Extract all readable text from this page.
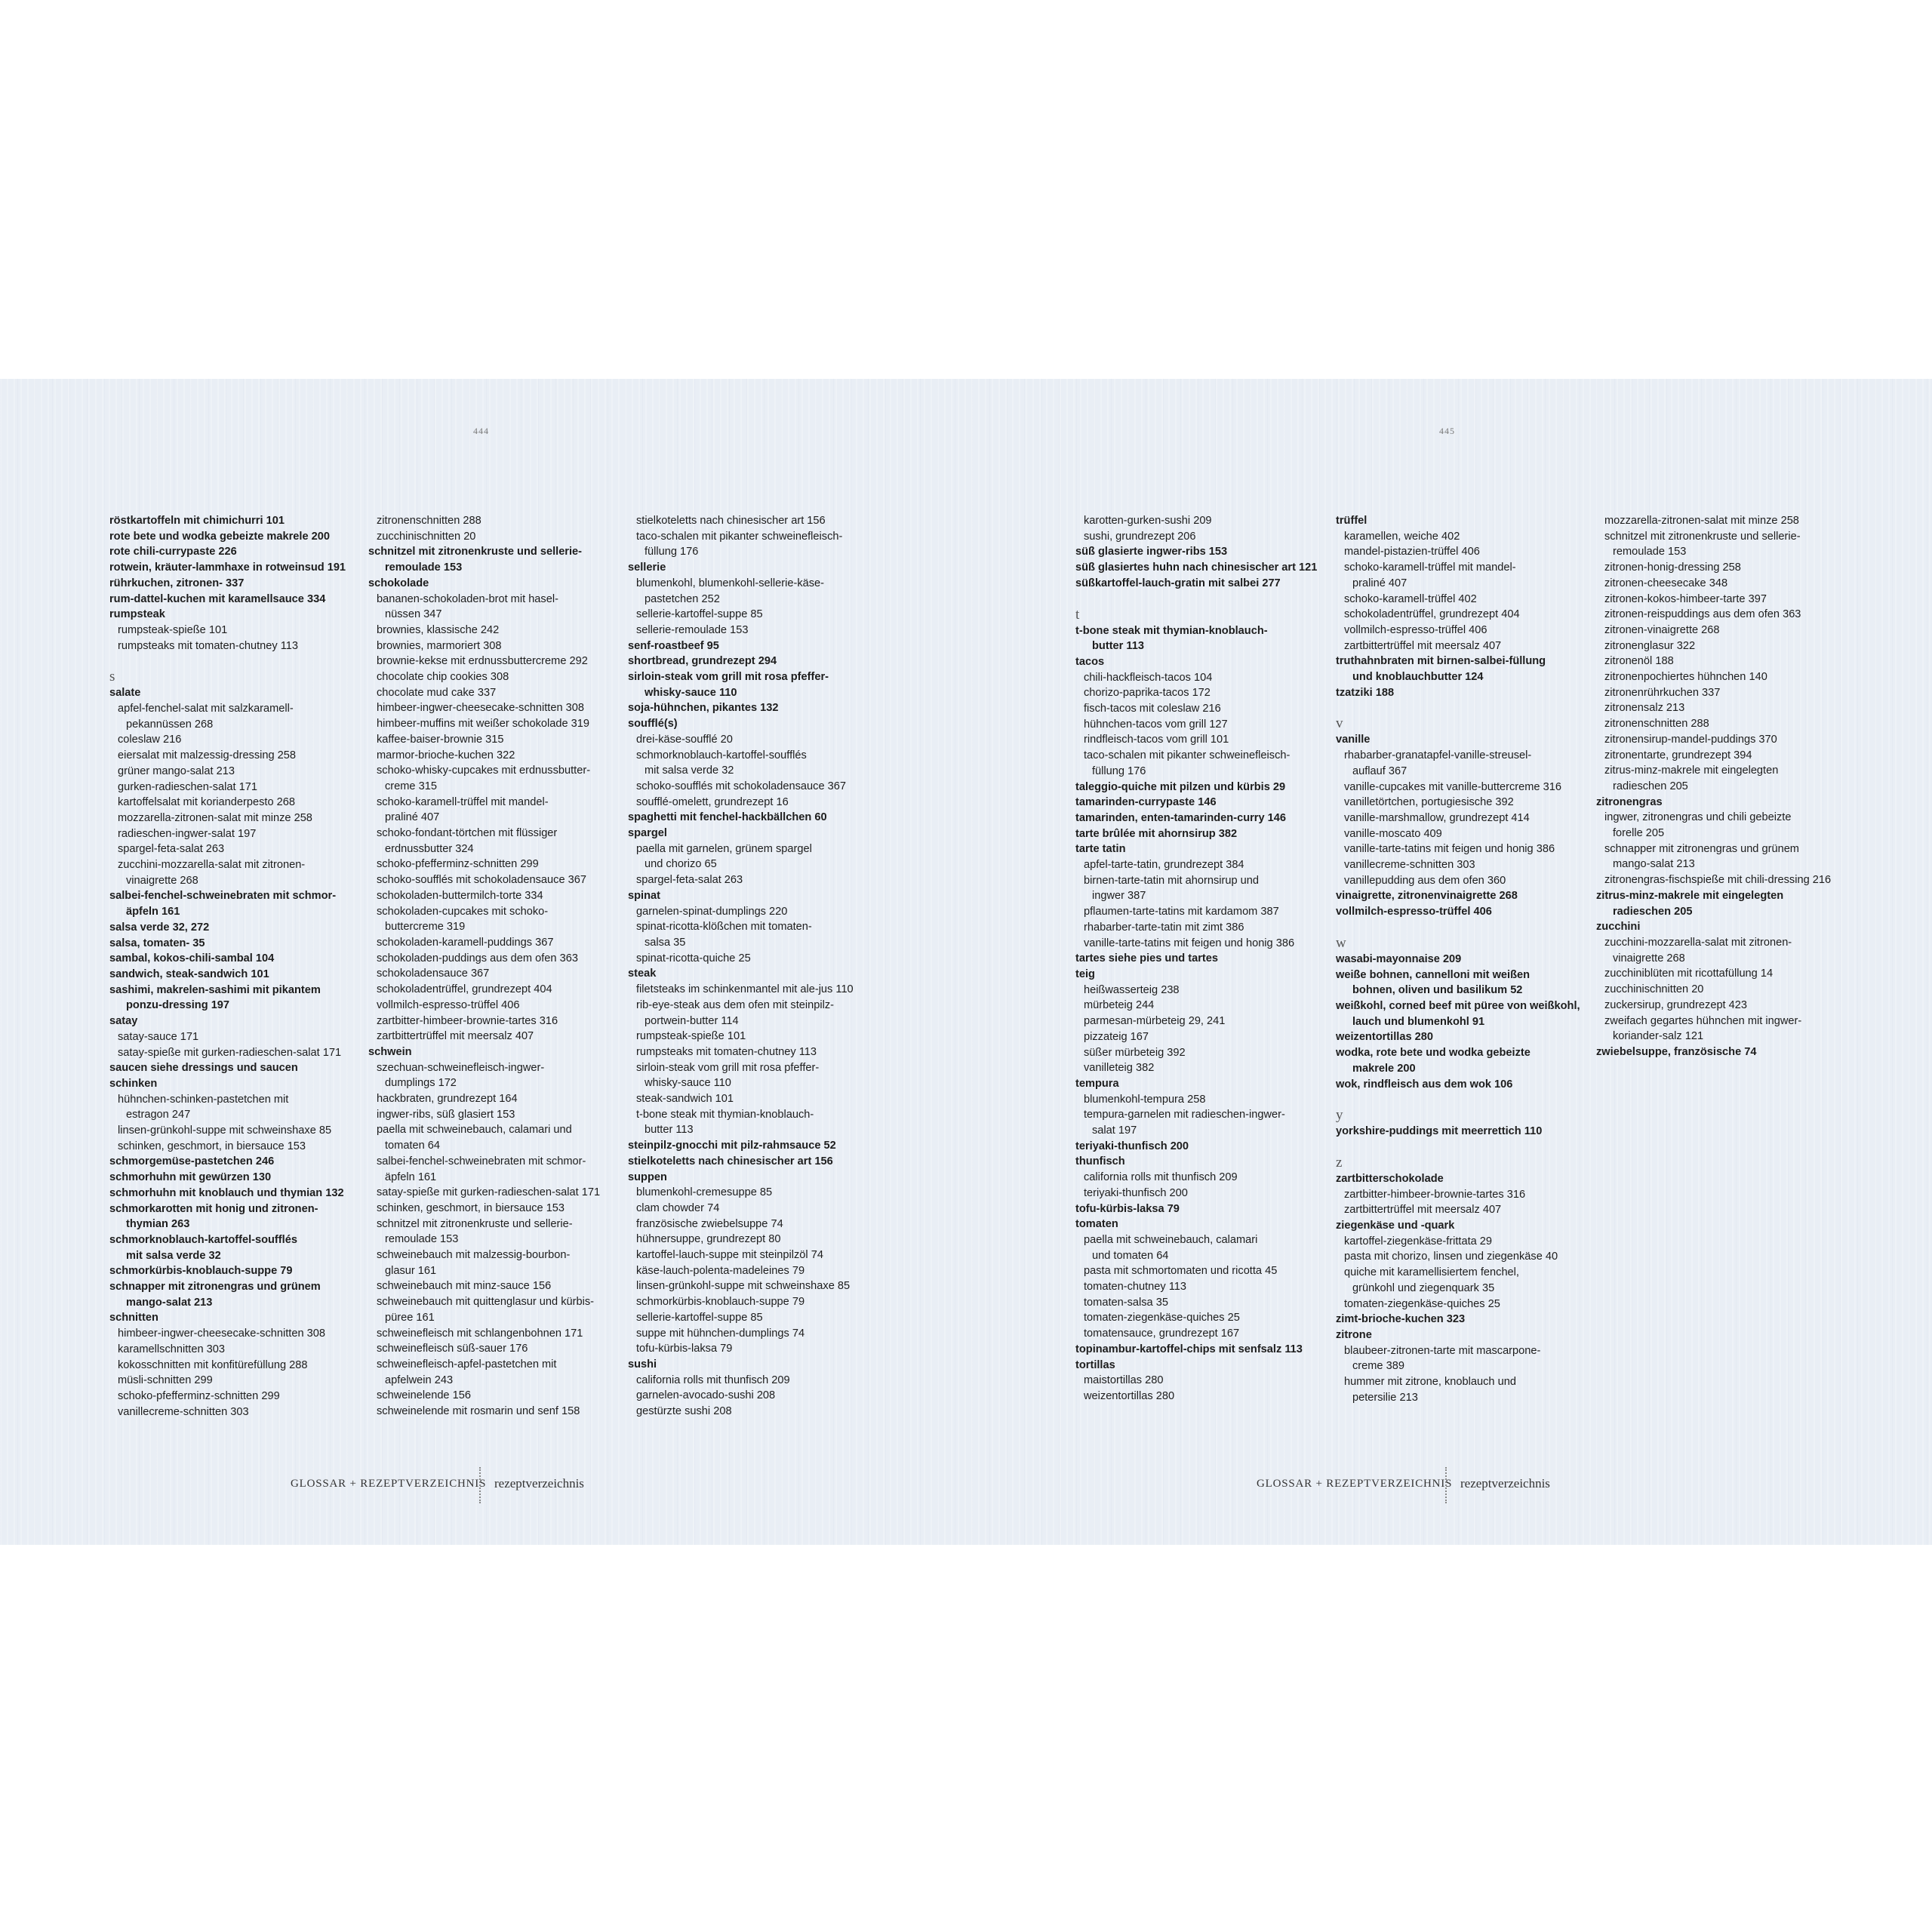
444
röstkartoffeln mit chimichurri 101
rote bete und wodka gebeizte makrele 200
rote chili-currypaste 226
rotwein, kräuter-lammhaxe in rotweinsud 191
rührkuchen, zitronen- 337
rum-dattel-kuchen mit karamellsauce 334
rumpsteak
rumpsteak-spieße 101
rumpsteaks mit tomaten-chutney 113
s
salate
apfel-fenchel-salat mit salzkaramell-
pekannüssen 268
coleslaw 216
eiersalat mit malzessig-dressing 258
grüner mango-salat 213
gurken-radieschen-salat 171
kartoffelsalat mit korianderpesto 268
mozzarella-zitronen-salat mit minze 258
radieschen-ingwer-salat 197
spargel-feta-salat 263
zucchini-mozzarella-salat mit zitronen-
vinaigrette 268
salbei-fenchel-schweinebraten mit schmor-
äpfeln 161
salsa verde 32, 272
salsa, tomaten- 35
sambal, kokos-chili-sambal 104
sandwich, steak-sandwich 101
sashimi, makrelen-sashimi mit pikantem
ponzu-dressing 197
satay
satay-sauce 171
satay-spieße mit gurken-radieschen-salat 171
saucen siehe dressings und saucen
schinken
hühnchen-schinken-pastetchen mit
estragon 247
linsen-grünkohl-suppe mit schweinshaxe 85
schinken, geschmort, in biersauce 153
schmorgemüse-pastetchen 246
schmorhuhn mit gewürzen 130
schmorhuhn mit knoblauch und thymian 132
schmorkarotten mit honig und zitronen-
thymian 263
schmorknoblauch-kartoffel-soufflés
mit salsa verde 32
schmorkürbis-knoblauch-suppe 79
schnapper mit zitronengras und grünem
mango-salat 213
schnitten
himbeer-ingwer-cheesecake-schnitten 308
karamellschnitten 303
kokosschnitten mit konfitürefüllung 288
müsli-schnitten 299
schoko-pfefferminz-schnitten 299
vanillecreme-schnitten 303
zitronenschnitten 288
zucchinischnitten 20
schnitzel mit zitronenkruste und sellerie-
remoulade 153
schokolade
bananen-schokoladen-brot mit hasel-
nüssen 347
brownies, klassische 242
brownies, marmoriert 308
brownie-kekse mit erdnussbuttercreme 292
chocolate chip cookies 308
chocolate mud cake 337
himbeer-ingwer-cheesecake-schnitten 308
himbeer-muffins mit weißer schokolade 319
kaffee-baiser-brownie 315
marmor-brioche-kuchen 322
schoko-whisky-cupcakes mit erdnussbutter-
creme 315
schoko-karamell-trüffel mit mandel-
praliné 407
schoko-fondant-törtchen mit flüssiger
erdnussbutter 324
schoko-pfefferminz-schnitten 299
schoko-soufflés mit schokoladensauce 367
schokoladen-buttermilch-torte 334
schokoladen-cupcakes mit schoko-
buttercreme 319
schokoladen-karamell-puddings 367
schokoladen-puddings aus dem ofen 363
schokoladensauce 367
schokoladentrüffel, grundrezept 404
vollmilch-espresso-trüffel 406
zartbitter-himbeer-brownie-tartes 316
zartbittertrüffel mit meersalz 407
schwein
szechuan-schweinefleisch-ingwer-
dumplings 172
hackbraten, grundrezept 164
ingwer-ribs, süß glasiert 153
paella mit schweinebauch, calamari und
tomaten 64
salbei-fenchel-schweinebraten mit schmor-
äpfeln 161
satay-spieße mit gurken-radieschen-salat 171
schinken, geschmort, in biersauce 153
schnitzel mit zitronenkruste und sellerie-
remoulade 153
schweinebauch mit malzessig-bourbon-
glasur 161
schweinebauch mit minz-sauce 156
schweinebauch mit quittenglasur und kürbis-
püree 161
schweinefleisch mit schlangenbohnen 171
schweinefleisch süß-sauer 176
schweinefleisch-apfel-pastetchen mit
apfelwein 243
schweinelende 156
schweinelende mit rosmarin und senf 158
stielkoteletts nach chinesischer art 156
taco-schalen mit pikanter schweinefleisch-
füllung 176
sellerie
blumenkohl, blumenkohl-sellerie-käse-
pastetchen 252
sellerie-kartoffel-suppe 85
sellerie-remoulade 153
senf-roastbeef 95
shortbread, grundrezept 294
sirloin-steak vom grill mit rosa pfeffer-
whisky-sauce 110
soja-hühnchen, pikantes 132
soufflé(s)
drei-käse-soufflé 20
schmorknoblauch-kartoffel-soufflés
mit salsa verde 32
schoko-soufflés mit schokoladensauce 367
soufflé-omelett, grundrezept 16
spaghetti mit fenchel-hackbällchen 60
spargel
paella mit garnelen, grünem spargel
und chorizo 65
spargel-feta-salat 263
spinat
garnelen-spinat-dumplings 220
spinat-ricotta-klößchen mit tomaten-
salsa 35
spinat-ricotta-quiche 25
steak
filetsteaks im schinkenmantel mit ale-jus 110
rib-eye-steak aus dem ofen mit steinpilz-
portwein-butter 114
rumpsteak-spieße 101
rumpsteaks mit tomaten-chutney 113
sirloin-steak vom grill mit rosa pfeffer-
whisky-sauce 110
steak-sandwich 101
t-bone steak mit thymian-knoblauch-
butter 113
steinpilz-gnocchi mit pilz-rahmsauce 52
stielkoteletts nach chinesischer art 156
suppen
blumenkohl-cremesuppe 85
clam chowder 74
französische zwiebelsuppe 74
hühnersuppe, grundrezept 80
kartoffel-lauch-suppe mit steinpilzöl 74
käse-lauch-polenta-madeleines 79
linsen-grünkohl-suppe mit schweinshaxe 85
schmorkürbis-knoblauch-suppe 79
sellerie-kartoffel-suppe 85
suppe mit hühnchen-dumplings 74
tofu-kürbis-laksa 79
sushi
california rolls mit thunfisch 209
garnelen-avocado-sushi 208
gestürzte sushi 208
GLOSSAR + REZEPTVERZEICHNIS rezeptverzeichnis
445
karotten-gurken-sushi 209
sushi, grundrezept 206
süß glasierte ingwer-ribs 153
süß glasiertes huhn nach chinesischer art 121
süßkartoffel-lauch-gratin mit salbei 277
t
t-bone steak mit thymian-knoblauch-
butter 113
tacos
chili-hackfleisch-tacos 104
chorizo-paprika-tacos 172
fisch-tacos mit coleslaw 216
hühnchen-tacos vom grill 127
rindfleisch-tacos vom grill 101
taco-schalen mit pikanter schweinefleisch-
füllung 176
taleggio-quiche mit pilzen und kürbis 29
tamarinden-currypaste 146
tamarinden, enten-tamarinden-curry 146
tarte brûlée mit ahornsirup 382
tarte tatin
apfel-tarte-tatin, grundrezept 384
birnen-tarte-tatin mit ahornsirup und
ingwer 387
pflaumen-tarte-tatins mit kardamom 387
rhabarber-tarte-tatin mit zimt 386
vanille-tarte-tatins mit feigen und honig 386
tartes siehe pies und tartes
teig
heißwasserteig 238
mürbeteig 244
parmesan-mürbeteig 29, 241
pizzateig 167
süßer mürbeteig 392
vanilleteig 382
tempura
blumenkohl-tempura 258
tempura-garnelen mit radieschen-ingwer-
salat 197
teriyaki-thunfisch 200
thunfisch
california rolls mit thunfisch 209
teriyaki-thunfisch 200
tofu-kürbis-laksa 79
tomaten
paella mit schweinebauch, calamari
und tomaten 64
pasta mit schmortomaten und ricotta 45
tomaten-chutney 113
tomaten-salsa 35
tomaten-ziegenkäse-quiches 25
tomatensauce, grundrezept 167
topinambur-kartoffel-chips mit senfsalz 113
tortillas
maistortillas 280
weizentortillas 280
trüffel
karamellen, weiche 402
mandel-pistazien-trüffel 406
schoko-karamell-trüffel mit mandel-
praliné 407
schoko-karamell-trüffel 402
schokoladentrüffel, grundrezept 404
vollmilch-espresso-trüffel 406
zartbittertrüffel mit meersalz 407
truthahnbraten mit birnen-salbei-füllung
und knoblauchbutter 124
tzatziki 188
v
vanille
rhabarber-granatapfel-vanille-streusel-
auflauf 367
vanille-cupcakes mit vanille-buttercreme 316
vanilletörtchen, portugiesische 392
vanille-marshmallow, grundrezept 414
vanille-moscato 409
vanille-tarte-tatins mit feigen und honig 386
vanillecreme-schnitten 303
vanillepudding aus dem ofen 360
vinaigrette, zitronenvinaigrette 268
vollmilch-espresso-trüffel 406
w
wasabi-mayonnaise 209
weiße bohnen, cannelloni mit weißen
bohnen, oliven und basilikum 52
weißkohl, corned beef mit püree von weißkohl,
lauch und blumenkohl 91
weizentortillas 280
wodka, rote bete und wodka gebeizte
makrele 200
wok, rindfleisch aus dem wok 106
y
yorkshire-puddings mit meerrettich 110
z
zartbitterschokolade
zartbitter-himbeer-brownie-tartes 316
zartbittertrüffel mit meersalz 407
ziegenkäse und -quark
kartoffel-ziegenkäse-frittata 29
pasta mit chorizo, linsen und ziegenkäse 40
quiche mit karamellisiertem fenchel,
grünkohl und ziegenquark 35
tomaten-ziegenkäse-quiches 25
zimt-brioche-kuchen 323
zitrone
blaubeer-zitronen-tarte mit mascarpone-
creme 389
hummer mit zitrone, knoblauch und
petersilie 213
mozzarella-zitronen-salat mit minze 258
schnitzel mit zitronenkruste und sellerie-
remoulade 153
zitronen-honig-dressing 258
zitronen-cheesecake 348
zitronen-kokos-himbeer-tarte 397
zitronen-reispuddings aus dem ofen 363
zitronen-vinaigrette 268
zitronenglasur 322
zitronenöl 188
zitronenpochiertes hühnchen 140
zitronenrührkuchen 337
zitronensalz 213
zitronenschnitten 288
zitronensirup-mandel-puddings 370
zitronentarte, grundrezept 394
zitrus-minz-makrele mit eingelegten
radieschen 205
zitronengras
ingwer, zitronengras und chili gebeizte
forelle 205
schnapper mit zitronengras und grünem
mango-salat 213
zitronengras-fischspieße mit chili-dressing 216
zitrus-minz-makrele mit eingelegten
radieschen 205
zucchini
zucchini-mozzarella-salat mit zitronen-
vinaigrette 268
zucchiniblüten mit ricottafüllung 14
zucchinischnitten 20
zuckersirup, grundrezept 423
zweifach gegartes hühnchen mit ingwer-
koriander-salz 121
zwiebelsuppe, französische 74
GLOSSAR + REZEPTVERZEICHNIS rezeptverzeichnis
